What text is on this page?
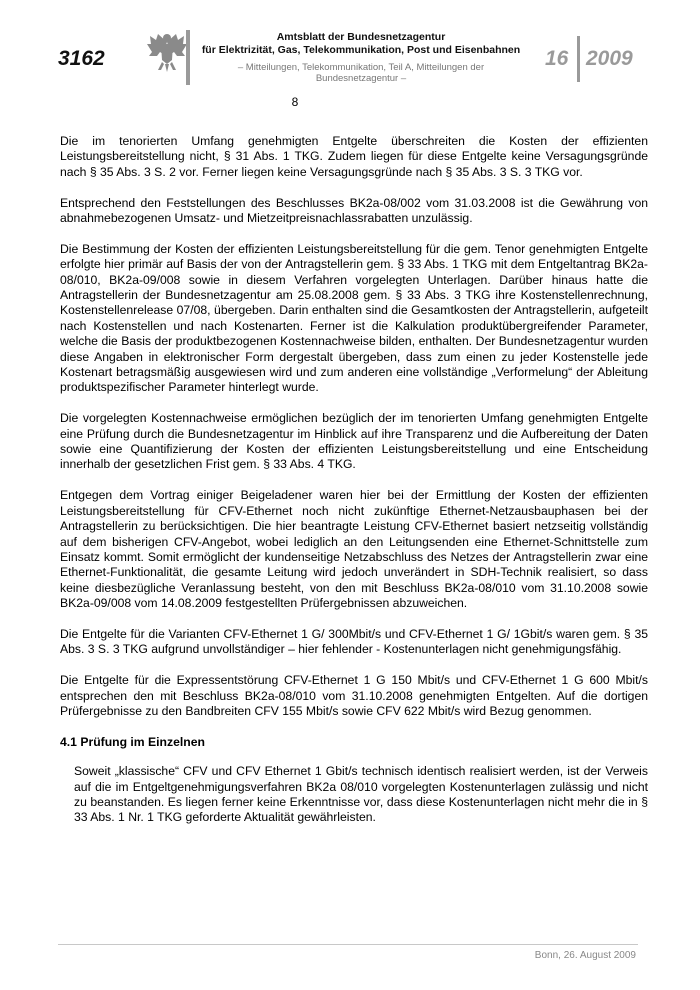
3162
Amtsblatt der Bundesnetzagentur
für Elektrizität, Gas, Telekommunikation, Post und Eisenbahnen
– Mitteilungen, Telekommunikation, Teil A, Mitteilungen der Bundesnetzagentur –
16 2009
8

Die im tenorierten Umfang genehmigten Entgelte überschreiten die Kosten der effizienten Leistungsbereitstellung nicht, § 31 Abs. 1 TKG. Zudem liegen für diese Entgelte keine Versagungsgründe nach § 35 Abs. 3 S. 2 vor. Ferner liegen keine Versagungsgründe nach § 35 Abs. 3 S. 3 TKG vor.

Entsprechend den Feststellungen des Beschlusses BK2a-08/002 vom 31.03.2008 ist die Gewährung von abnahmebezogenen Umsatz- und Mietzeitpreisnachlassrabatten unzulässig.

Die Bestimmung der Kosten der effizienten Leistungsbereitstellung für die gem. Tenor genehmigten Entgelte erfolgte hier primär auf Basis der von der Antragstellerin gem. § 33 Abs. 1 TKG mit dem Entgeltantrag BK2a-08/010, BK2a-09/008 sowie in diesem Verfahren vorgelegten Unterlagen. Darüber hinaus hatte die Antragstellerin der Bundesnetzagentur am 25.08.2008 gem. § 33 Abs. 3 TKG ihre Kostenstellenrechnung, Kostenstellenrelease 07/08, übergeben. Darin enthalten sind die Gesamtkosten der Antragstellerin, aufgeteilt nach Kostenstellen und nach Kostenarten. Ferner ist die Kalkulation produktübergreifender Parameter, welche die Basis der produktbezogenen Kostennachweise bilden, enthalten. Der Bundesnetzagentur wurden diese Angaben in elektronischer Form dergestalt übergeben, dass zum einen zu jeder Kostenstelle jede Kostenart betragsmäßig ausgewiesen wird und zum anderen eine vollständige „Verformelung“ der Ableitung produktspezifischer Parameter hinterlegt wurde.

Die vorgelegten Kostennachweise ermöglichen bezüglich der im tenorierten Umfang genehmigten Entgelte eine Prüfung durch die Bundesnetzagentur im Hinblick auf ihre Transparenz und die Aufbereitung der Daten sowie eine Quantifizierung der Kosten der effizienten Leistungsbereitstellung und eine Entscheidung innerhalb der gesetzlichen Frist gem. § 33 Abs. 4 TKG.

Entgegen dem Vortrag einiger Beigeladener waren hier bei der Ermittlung der Kosten der effizienten Leistungsbereitstellung für CFV-Ethernet noch nicht zukünftige Ethernet-Netzausbauphasen bei der Antragstellerin zu berücksichtigen. Die hier beantragte Leistung CFV-Ethernet basiert netzseitig vollständig auf dem bisherigen CFV-Angebot, wobei lediglich an den Leitungsenden eine Ethernet-Schnittstelle zum Einsatz kommt. Somit ermöglicht der kundenseitige Netzabschluss des Netzes der Antragstellerin zwar eine Ethernet-Funktionalität, die gesamte Leitung wird jedoch unverändert in SDH-Technik realisiert, so dass keine diesbezügliche Veranlassung besteht, von den mit Beschluss BK2a-08/010 vom 31.10.2008 sowie BK2a-09/008 vom 14.08.2009 festgestellten Prüfergebnissen abzuweichen.

Die Entgelte für die Varianten CFV-Ethernet 1 G/ 300Mbit/s und CFV-Ethernet 1 G/ 1Gbit/s waren gem. § 35 Abs. 3 S. 3 TKG aufgrund unvollständiger – hier fehlender - Kostenunterlagen nicht genehmigungsfähig.

Die Entgelte für die Expressentstörung CFV-Ethernet 1 G 150 Mbit/s und CFV-Ethernet 1 G 600 Mbit/s entsprechen den mit Beschluss BK2a-08/010 vom 31.10.2008 genehmigten Entgelten. Auf die dortigen Prüfergebnisse zu den Bandbreiten CFV 155 Mbit/s sowie CFV 622 Mbit/s wird Bezug genommen.

4.1 Prüfung im Einzelnen

Soweit „klassische“ CFV und CFV Ethernet 1 Gbit/s technisch identisch realisiert werden, ist der Verweis auf die im Entgeltgenehmigungsverfahren BK2a 08/010 vorgelegten Kostenunterlagen zulässig und nicht zu beanstanden. Es liegen ferner keine Erkenntnisse vor, dass diese Kostenunterlagen nicht mehr die in § 33 Abs. 1 Nr. 1 TKG geforderte Aktualität gewährleisten.

Bonn, 26. August 2009
